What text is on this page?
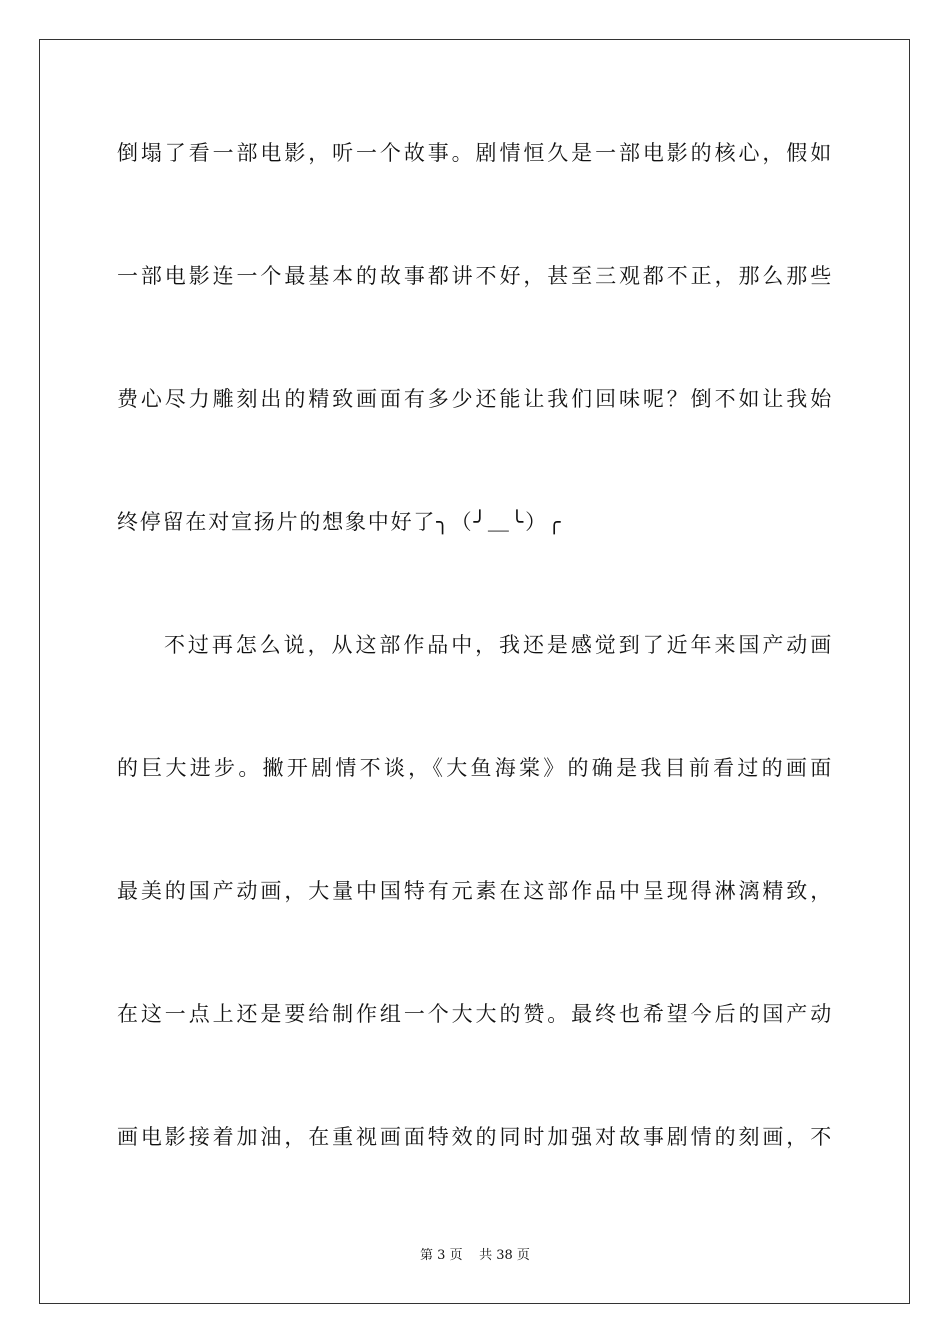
倒塌了看一部电影，听一个故事。剧情恒久是一部电影的核心，假如
一部电影连一个最基本的故事都讲不好，甚至三观都不正，那么那些
费心尽力雕刻出的精致画面有多少还能让我们回味呢？倒不如让我始
终停留在对宣扬片的想象中好了╮（╯＿╰）╭
不过再怎么说，从这部作品中，我还是感觉到了近年来国产动画
的巨大进步。撇开剧情不谈，《大鱼海棠》的确是我目前看过的画面
最美的国产动画，大量中国特有元素在这部作品中呈现得淋漓精致，
在这一点上还是要给制作组一个大大的赞。最终也希望今后的国产动
画电影接着加油，在重视画面特效的同时加强对故事剧情的刻画，不
第 3 页 共 38 页
